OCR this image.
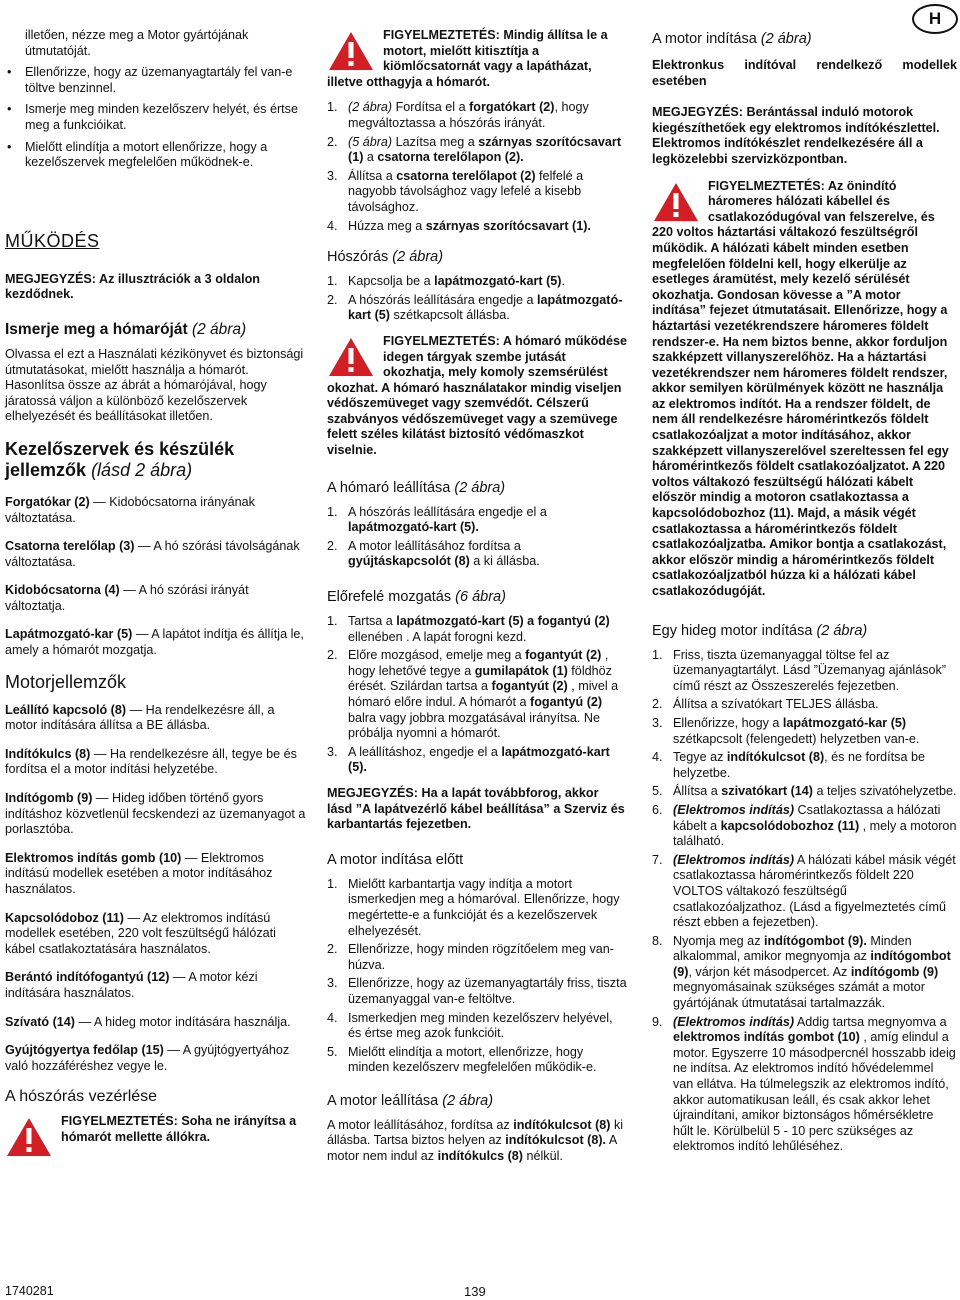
H

illetően, nézze meg a Motor gyártójának útmutatóját.

• Ellenőrizze, hogy az üzemanyagtartály fel van-e töltve benzinnel.
• Ismerje meg minden kezelőszerv helyét, és értse meg a funkcióikat.
• Mielőtt elindítja a motort ellenőrizze, hogy a kezelőszervek megfelelően működnek-e.
MŰKÖDÉS

MEGJEGYZÉS: Az illusztrációk a 3 oldalon kezdődnek.

Ismerje meg a hómaróját (2 ábra)

Olvassa el ezt a Használati kézikönyvet és biztonsági útmutatásokat, mielőtt használja a hómarót. Hasonlítsa össze az ábrát a hómarójával, hogy járatossá váljon a különböző kezelőszervek elhelyezését és beállításokat illetően.

Kezelőszervek és készülék jellemzők (lásd 2 ábra)

Forgatókar (2) — Kidobócsatorna irányának változtatása.

Csatorna terelőlap (3) — A hó szórási távolságának változtatása.

Kidobócsatorna (4) — A hó szórási irányát változtatja.

Lapátmozgató-kar (5) — A lapátot indítja és állítja le, amely a hómarót mozgatja.

Motorjellemzők

Leállító kapcsoló (8) — Ha rendelkezésre áll, a motor indítására állítsa a BE állásba.

Indítókulcs (8) — Ha rendelkezésre áll, tegye be és fordítsa el a motor indítási helyzetébe.

Indítógomb (9) — Hideg időben történő gyors indításhoz közvetlenül fecskendezi az üzemanyagot a porlasztóba.

Elektromos indítás gomb (10) — Elektromos indítású modellek esetében a motor indításához használatos.

Kapcsolódoboz (11) — Az elektromos indítású modellek esetében, 220 volt feszültségű hálózati kábel csatlakoztatására használatos.

Berántó indítófogantyú (12) — A motor kézi indítására használatos.

Szívató (14) — A hideg motor indítására használja.

Gyújtógyertya fedőlap (15) — A gyújtógyertyához való hozzáféréshez vegye le.

A hószórás vezérlése
FIGYELMEZTETÉS: Soha ne irányítsa a hómarót mellette állókra.
FIGYELMEZTETÉS: Mindig állítsa le a motort, mielőtt kitisztítja a kiömlőcsatornát vagy a lapátházat, illetve otthagyja a hómarót.
1. (2 ábra) Fordítsa el a forgatókart (2), hogy megváltoztassa a hószórás irányát.
2. (5 ábra) Lazítsa meg a szárnyas szorítócsavart (1) a csatorna terelőlapon (2).
3. Állítsa a csatorna terelőlapot (2) felfelé a nagyobb távolsághoz vagy lefelé a kisebb távolsághoz.
4. Húzza meg a szárnyas szorítócsavart (1).
Hószórás (2 ábra)
1. Kapcsolja be a lapátmozgató-kart (5).
2. A hószórás leállítására engedje a lapátmozgató-kart (5) szétkapcsolt állásba.
FIGYELMEZTETÉS: A hómaró működése idegen tárgyak szembe jutását okozhatja, mely komoly szemsérülést okozhat. A hómaró használatakor mindig viseljen védőszemüveget vagy szemvédőt. Célszerű szabványos védőszemüveget vagy a szemüvege felett széles kilátást biztosító védőmaszkot viselnie.
A hómaró leállítása (2 ábra)
1. A hószórás leállítására engedje el a lapátmozgató-kart (5).
2. A motor leállításához fordítsa a gyújtáskapcsolót (8) a ki állásba.
Előrefelé mozgatás (6 ábra)
1. Tartsa a lapátmozgató-kart (5) a fogantyú (2) ellenében . A lapát forogni kezd.
2. Előre mozgásod, emelje meg a fogantyút (2) , hogy lehetővé tegye a gumilapátok (1) földhöz érését. Szilárdan tartsa a fogantyút (2) , mivel a hómaró előre indul. A hómarót a fogantyú (2) balra vagy jobbra mozgatásával irányítsa. Ne próbálja nyomni a hómarót.
3. A leállításhoz, engedje el a lapátmozgató-kart (5).

MEGJEGYZÉS: Ha a lapát továbbforog, akkor lásd ”A lapátvezérlő kábel beállítása” a Szerviz és karbantartás fejezetben.

A motor indítása előtt
1. Mielőtt karbantartja vagy indítja a motort ismerkedjen meg a hómaróval. Ellenőrizze, hogy megértette-e a funkcióját és a kezelőszervek elhelyezését.
2. Ellenőrizze, hogy minden rögzítőelem meg van- húzva.
3. Ellenőrizze, hogy az üzemanyagtartály friss, tiszta üzemanyaggal van-e feltöltve.
4. Ismerkedjen meg minden kezelőszerv helyével, és értse meg azok funkcióit.
5. Mielőtt elindítja a motort, ellenőrizze, hogy minden kezelőszerv megfelelően működik-e.
A motor leállítása (2 ábra)

A motor leállításához, fordítsa az indítókulcsot (8) ki állásba. Tartsa biztos helyen az indítókulcsot (8). A motor nem indul az indítókulcs (8) nélkül.

A motor indítása (2 ábra)

Elektronkus indítóval rendelkező modellek esetében

MEGJEGYZÉS: Berántással induló motorok kiegészíthetőek egy elektromos indítókészlettel. Elektromos indítókészlet rendelkezésére áll a legközelebbi szervizközpontban.

FIGYELMEZTETÉS: Az önindító háromeres hálózati kábellel és csatlakozódugóval van felszerelve, és 220 voltos háztartási váltakozó feszültségről működik. A hálózati kábelt minden esetben megfelelően földelni kell, hogy elkerülje az esetleges áramütést, mely kezelő sérülését okozhatja. Gondosan kövesse a ”A motor indítása” fejezet útmutatásait. Ellenőrizze, hogy a háztartási vezetékrendszere háromeres földelt rendszer-e. Ha nem biztos benne, akkor forduljon szakképzett villanyszerelőhöz. Ha a háztartási vezetékrendszer nem háromeres földelt rendszer, akkor semilyen körülmények között ne használja az elektromos indítót. Ha a rendszer földelt, de nem áll rendelkezésre háromérintkezős földelt csatlakozóaljzat a motor indításához, akkor szakképzett villanyszerelővel szereltessen fel egy háromérintkezős földelt csatlakozóaljzatot. A 220 voltos váltakozó feszültségű hálózati kábelt először mindig a motoron csatlakoztassa a kapcsolódobozhoz (11). Majd, a másik végét csatlakoztassa a háromérintkezős földelt csatlakozóaljzatba. Amikor bontja a csatlakozást, akkor először mindig a háromérintkezős földelt csatlakozóaljzatból húzza ki a hálózati kábel csatlakozódugóját.
Egy hideg motor indítása (2 ábra)
1. Friss, tiszta üzemanyaggal töltse fel az üzemanyagtartályt. Lásd ”Üzemanyag ajánlások” című részt az Összeszerelés fejezetben.
2. Állítsa a szívatókart TELJES állásba.
3. Ellenőrizze, hogy a lapátmozgató-kar (5) szétkapcsolt (felengedett) helyzetben van-e.
4. Tegye az indítókulcsot (8), és ne fordítsa be helyzetbe.
5. Állítsa a szivatókart (14) a teljes szivatóhelyzetbe.
6. (Elektromos indítás) Csatlakoztassa a hálózati kábelt a kapcsolódobozhoz (11) , mely a motoron található.
7. (Elektromos indítás) A hálózati kábel másik végét csatlakoztassa háromérintkezős földelt 220 VOLTOS váltakozó feszültségű csatlakozóaljzathoz. (Lásd a figyelmeztetés című részt ebben a fejezetben).
8. Nyomja meg az indítógombot (9). Minden alkalommal, amikor megnyomja az indítógombot (9), várjon két másodpercet. Az indítógomb (9) megnyomásainak szükséges számát a motor gyártójának útmutatásai tartalmazzák.
9. (Elektromos indítás) Addig tartsa megnyomva a elektromos indítás gombot (10) , amíg elindul a motor. Egyszerre 10 másodpercnél hosszabb ideig ne indítsa. Az elektromos indító hővédelemmel van ellátva. Ha túlmelegszik az elektromos indító, akkor automatikusan leáll, és csak akkor lehet újraindítani, amikor biztonságos hőmérsékletre hűlt le. Körülbelül 5 - 10 perc szükséges az elektromos indító lehűléséhez.
1740281	139
